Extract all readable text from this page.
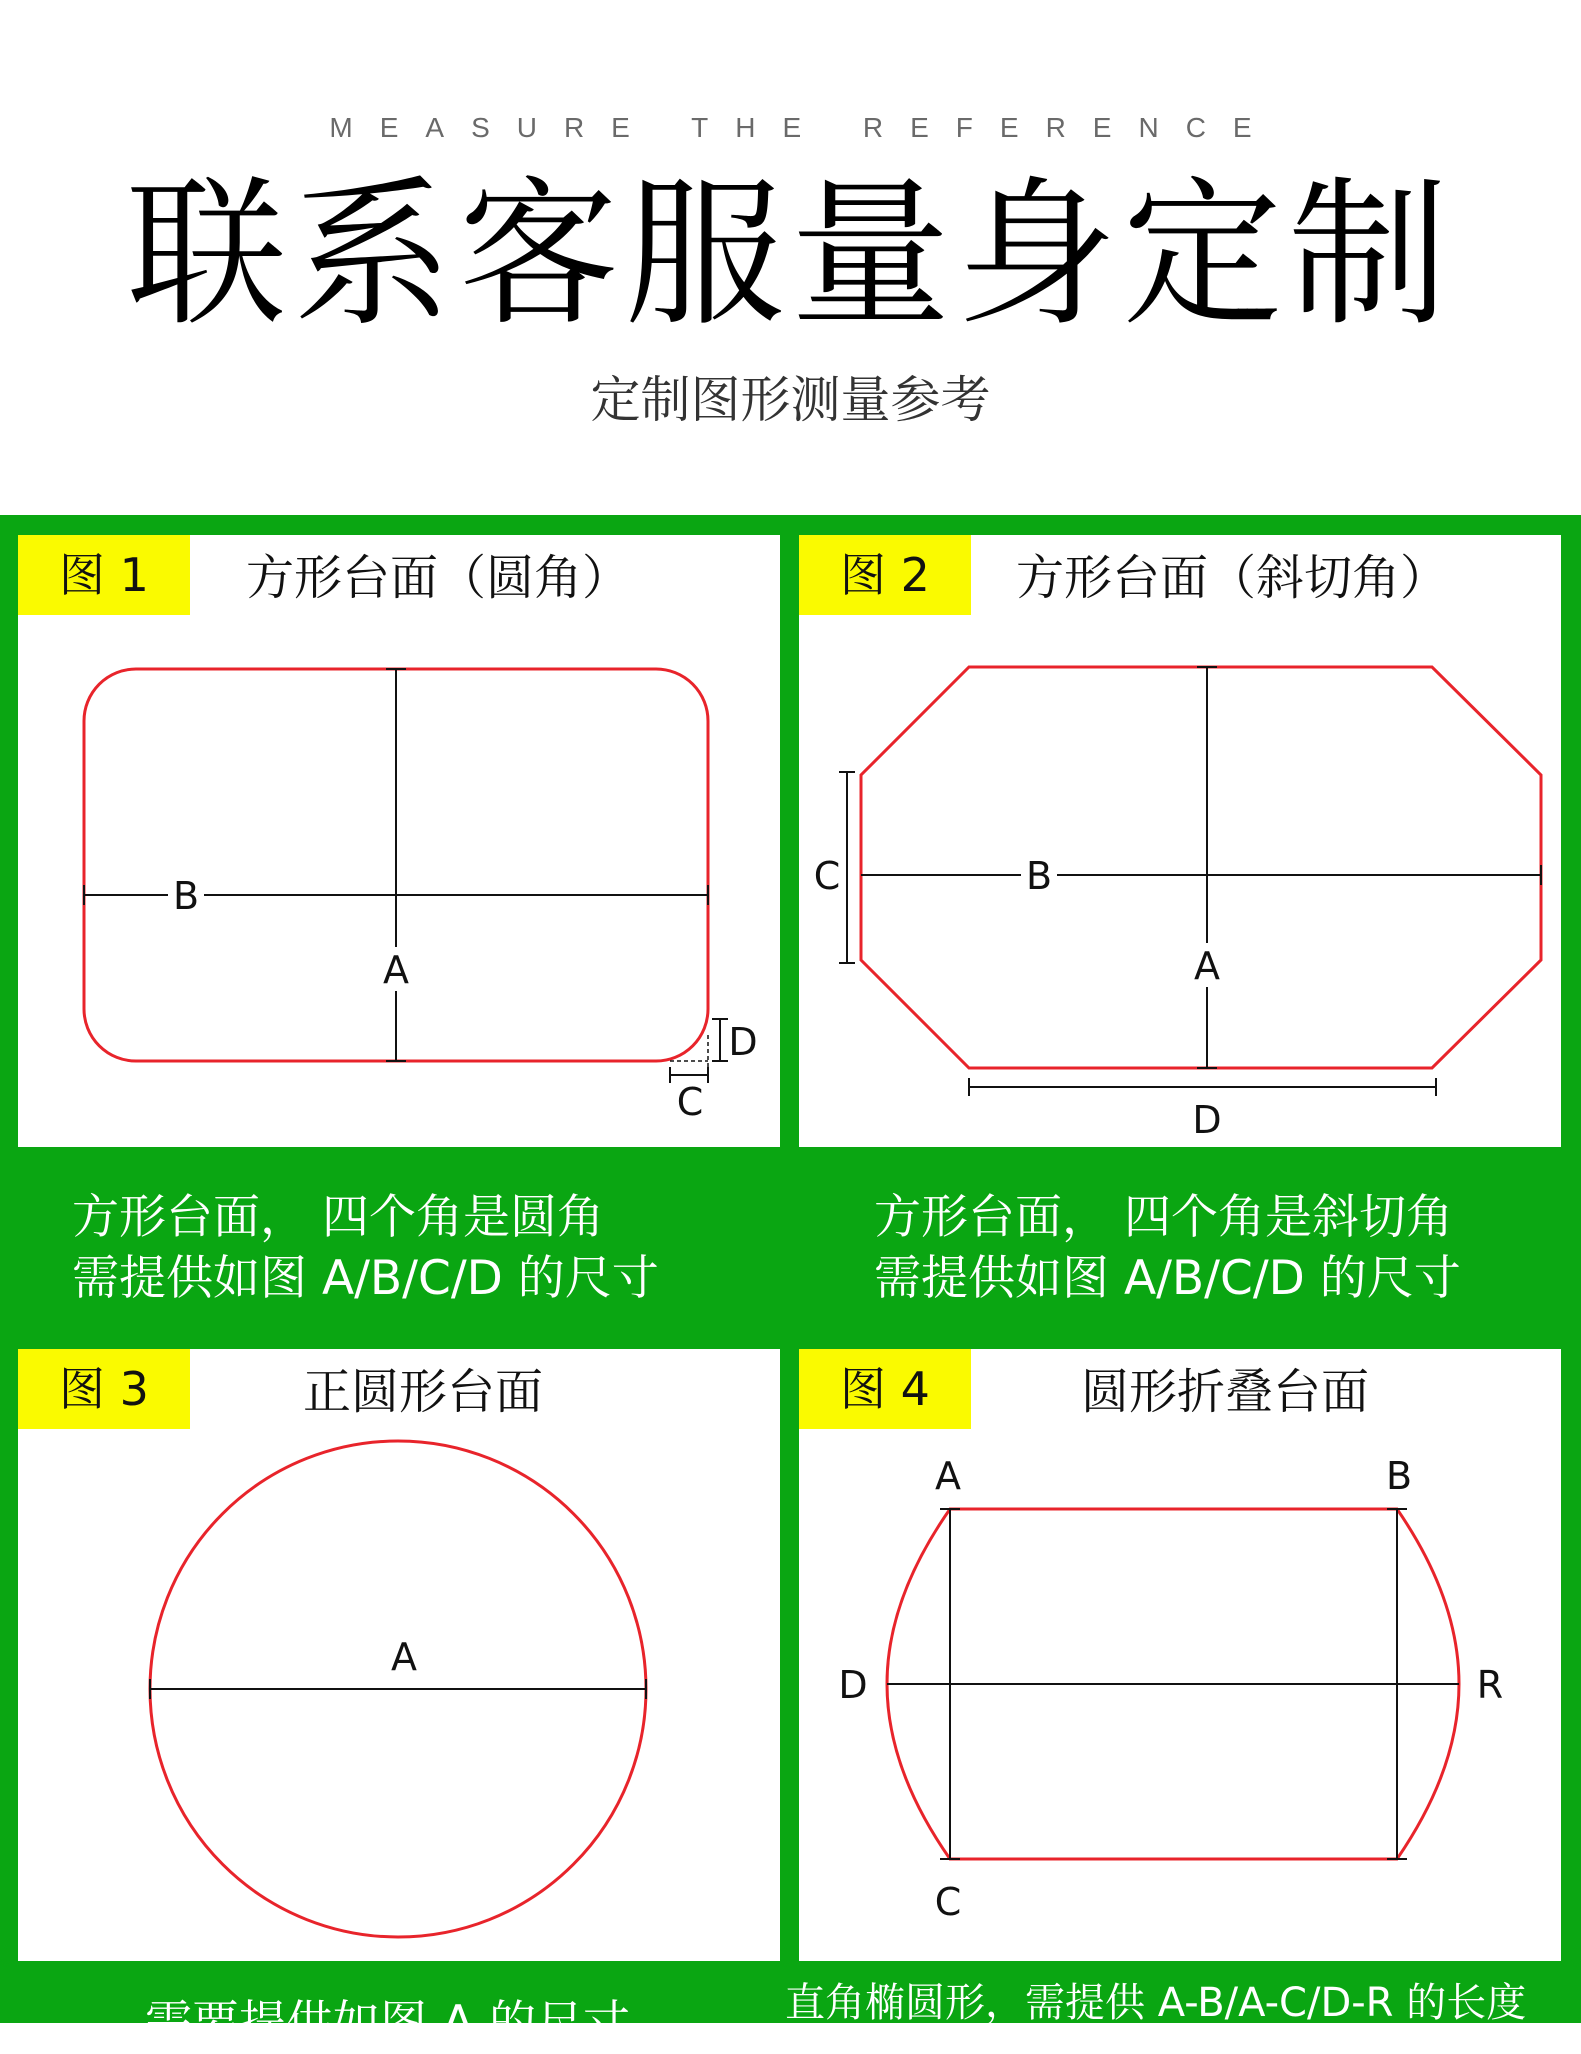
MEASURE THE REFERENCE
联系客服量身定制
定制图形测量参考
图 1	方形台面（圆角）
B
A
D
C
方形台面， 四个角是圆角
需提供如图 A/B/C/D 的尺寸
图 2	方形台面（斜切角）
B
A
C
D
方形台面， 四个角是斜切角
需提供如图 A/B/C/D 的尺寸
图 3	正圆形台面
A
需要提供如图 A 的尺寸
图 4	圆形折叠台面
A	B
C
D	R
直角椭圆形，需提供 A-B/A-C/D-R 的长度
